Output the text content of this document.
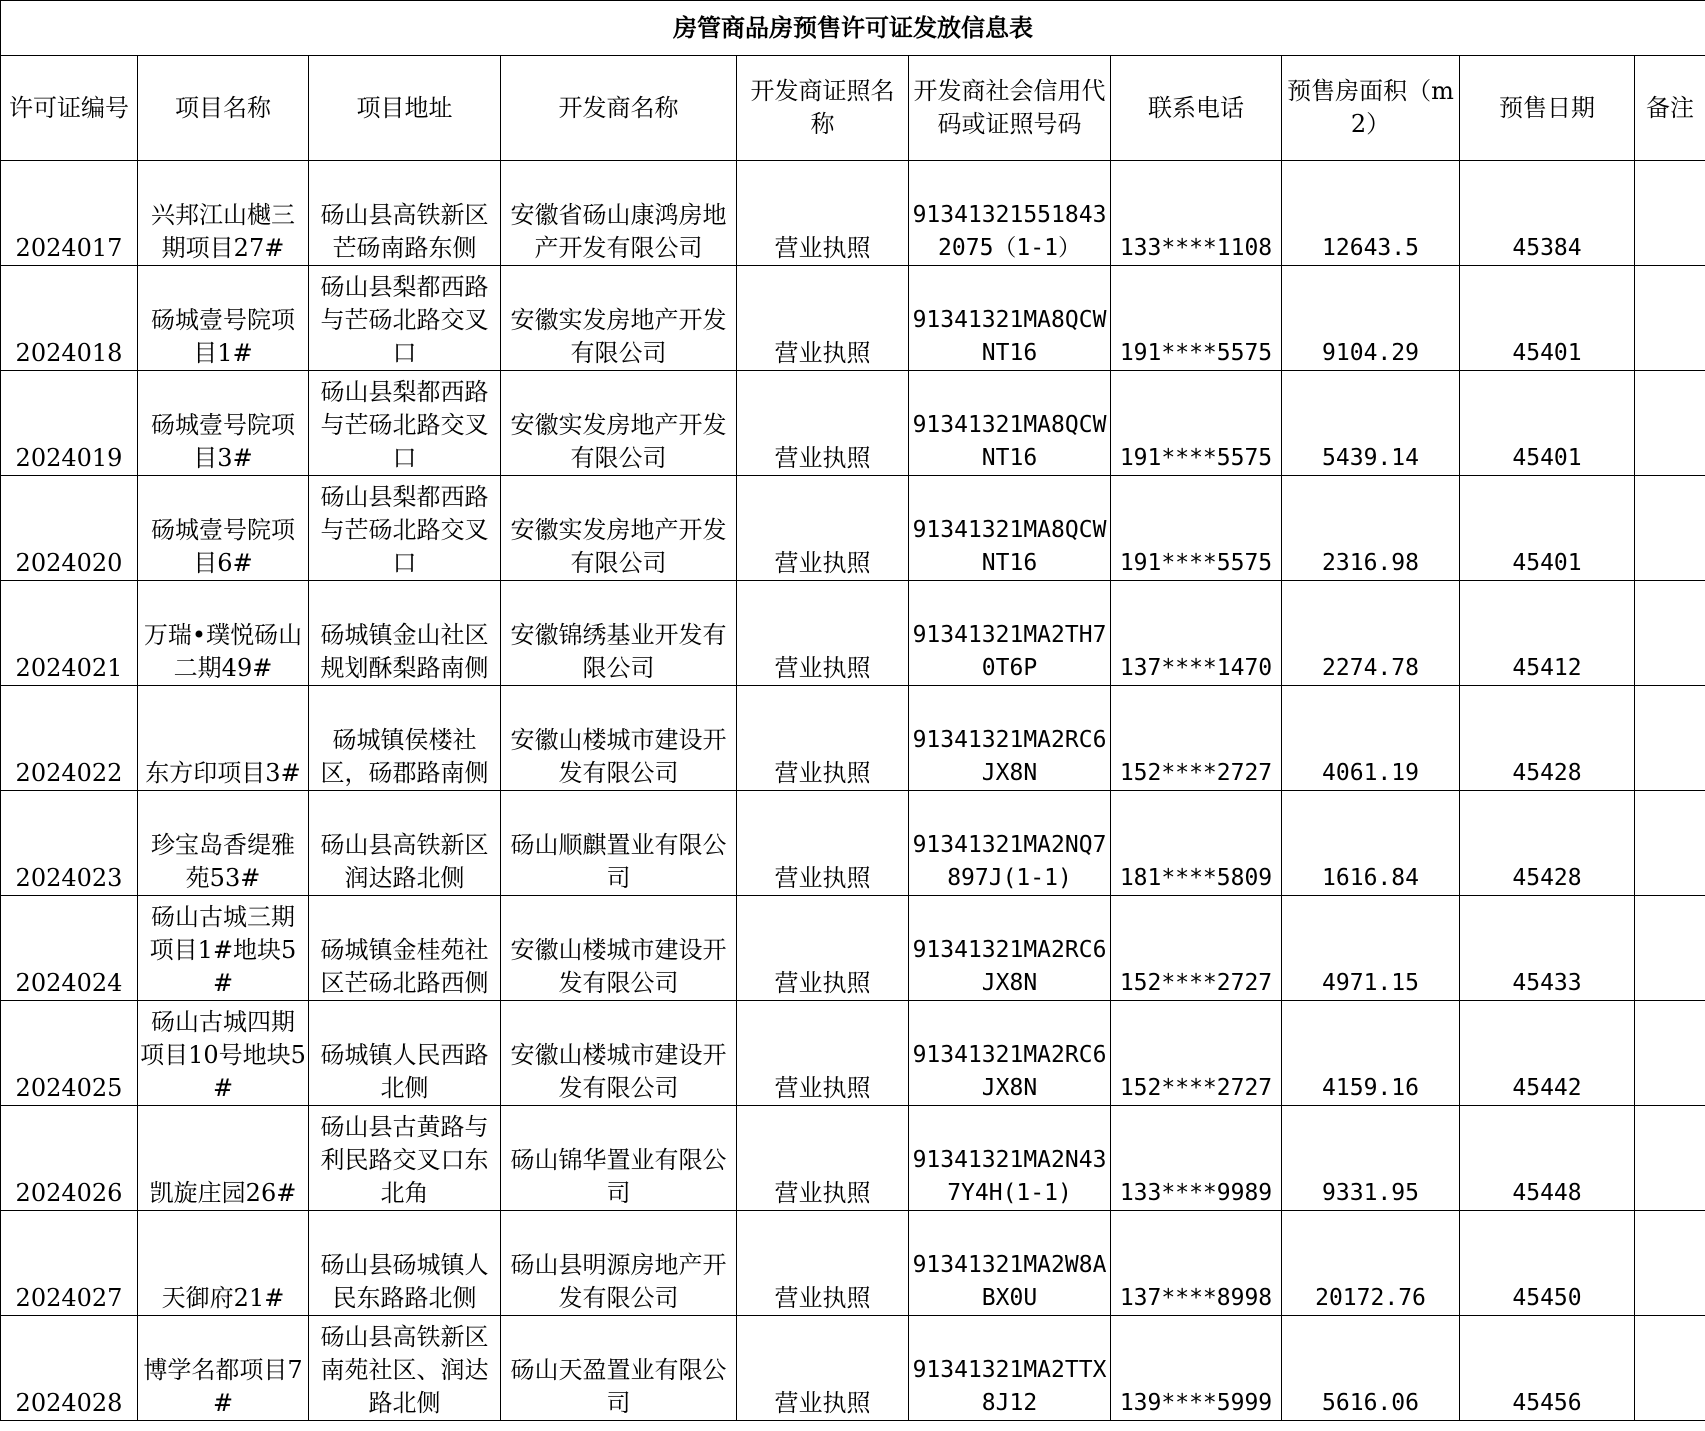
房管商品房预售许可证发放信息表									
许可证编号	项目名称	项目地址	开发商名称	开发商证照名称	开发商社会信用代码或证照号码	联系电话	预售房面积（m2）	预售日期	备注
2024017	兴邦江山樾三期项目27#	砀山县高铁新区芒砀南路东侧	安徽省砀山康鸿房地产开发有限公司	营业执照	913413215518432075（1-1）	133****1108	12643.5	45384	
2024018	砀城壹号院项目1#	砀山县梨都西路与芒砀北路交叉口	安徽实发房地产开发有限公司	营业执照	91341321MA8QCWNT16	191****5575	9104.29	45401	
2024019	砀城壹号院项目3#	砀山县梨都西路与芒砀北路交叉口	安徽实发房地产开发有限公司	营业执照	91341321MA8QCWNT16	191****5575	5439.14	45401	
2024020	砀城壹号院项目6#	砀山县梨都西路与芒砀北路交叉口	安徽实发房地产开发有限公司	营业执照	91341321MA8QCWNT16	191****5575	2316.98	45401	
2024021	万瑞•璞悦砀山二期49#	砀城镇金山社区规划酥梨路南侧	安徽锦绣基业开发有限公司	营业执照	91341321MA2TH70T6P	137****1470	2274.78	45412	
2024022	东方印项目3#	砀城镇侯楼社区，砀郡路南侧	安徽山楼城市建设开发有限公司	营业执照	91341321MA2RC6JX8N	152****2727	4061.19	45428	
2024023	珍宝岛香缇雅苑53#	砀山县高铁新区润达路北侧	砀山顺麒置业有限公司	营业执照	91341321MA2NQ7897J(1-1)	181****5809	1616.84	45428	
2024024	砀山古城三期项目1#地块5#	砀城镇金桂苑社区芒砀北路西侧	安徽山楼城市建设开发有限公司	营业执照	91341321MA2RC6JX8N	152****2727	4971.15	45433	
2024025	砀山古城四期项目10号地块5#	砀城镇人民西路北侧	安徽山楼城市建设开发有限公司	营业执照	91341321MA2RC6JX8N	152****2727	4159.16	45442	
2024026	凯旋庄园26#	砀山县古黄路与利民路交叉口东北角	砀山锦华置业有限公司	营业执照	91341321MA2N437Y4H(1-1)	133****9989	9331.95	45448	
2024027	天御府21#	砀山县砀城镇人民东路路北侧	砀山县明源房地产开发有限公司	营业执照	91341321MA2W8ABX0U	137****8998	20172.76	45450	
2024028	博学名都项目7#	砀山县高铁新区南苑社区、润达路北侧	砀山天盈置业有限公司	营业执照	91341321MA2TTX8J12	139****5999	5616.06	45456	
